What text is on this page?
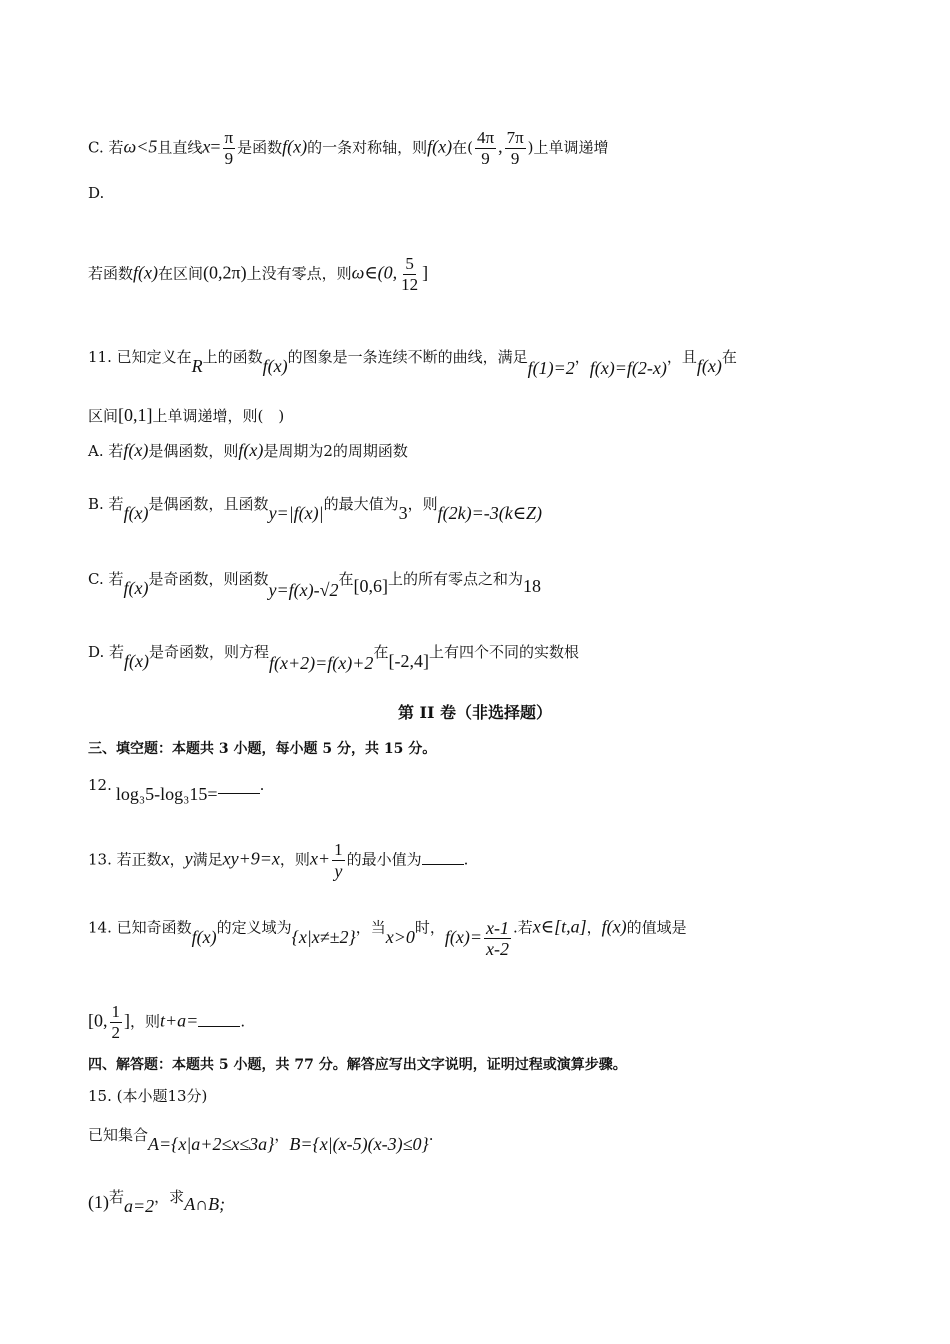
C. 若ω<5且直线$x= \frac{\pi}{9}$ 是函数f(x)的一条对称轴，则f(x)在( $\frac{4\pi}{9}$ , $\frac{7\pi}{9}$ )上单调递增
D.
若函数f(x)在区间(0,2π)上没有零点，则ω∈(0, $\frac{5}{12}$ ]
11. 已知定义在R上的函数f(x)的图象是一条连续不断的曲线，满足f(1)=2，f(x)=f(2-x)，且f(x)在
区间[0,1]上单调递增，则(　)
A. 若f(x)是偶函数，则f(x)是周期为2的周期函数
B. 若f(x)是偶函数，且函数y=|f(x)|的最大值为3，则f(2k)=-3(k∈Z)
C. 若f(x)是奇函数，则函数y=f(x)-√2在[0,6]上的所有零点之和为18
D. 若f(x)是奇函数，则方程f(x+2)=f(x)+2在[-2,4]上有四个不同的实数根
第 II 卷（非选择题）
三、填空题：本题共 3 小题，每小题 5 分，共 15 分。
12. log₃5-log₃15=	.
13. 若正数x，y满足xy+9=x，则$x+ \frac{1}{y}$ 的最小值为	.
14. 已知奇函数f(x)的定义域为{x|x≠±2}，当x>0时，$f(x)= \frac{x-1}{x-2}$ .若x∈[t,a]，f(x)的值域是
[0, $\frac{1}{2}$ ]，则t+a=	.
四、解答题：本题共 5 小题，共 77 分。解答应写出文字说明，证明过程或演算步骤。
15. (本小题13分)
已知集合A={x|a+2≤x≤3a}，B={x|(x-5)(x-3)≤0}.
(1)若a=2，求A∩B;
